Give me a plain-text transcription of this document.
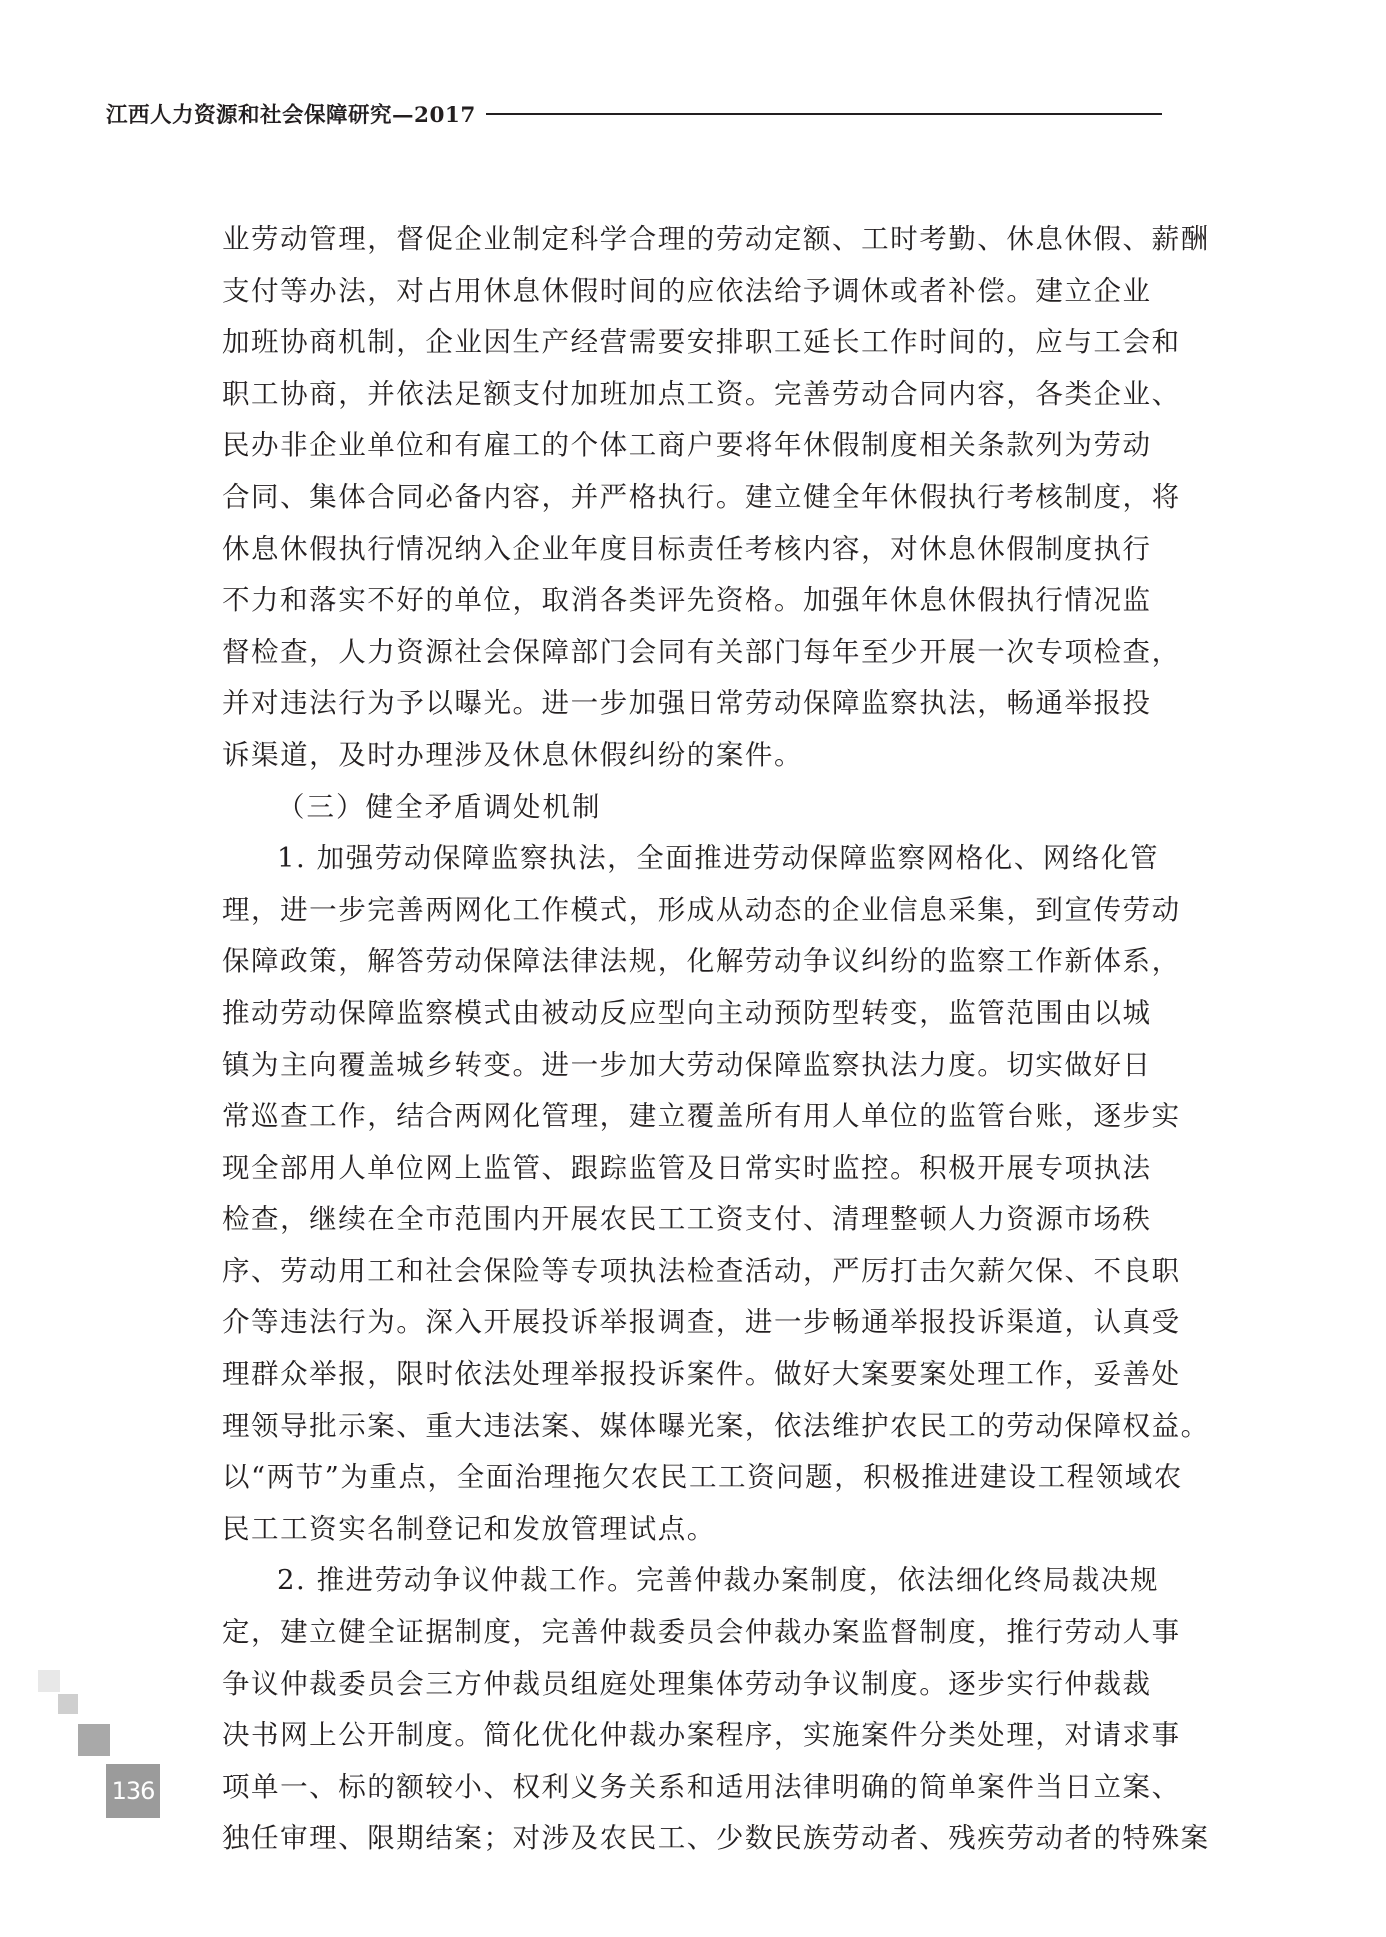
江西人力资源和社会保障研究—2017
业劳动管理，督促企业制定科学合理的劳动定额、工时考勤、休息休假、薪酬
支付等办法，对占用休息休假时间的应依法给予调休或者补偿。建立企业
加班协商机制，企业因生产经营需要安排职工延长工作时间的，应与工会和
职工协商，并依法足额支付加班加点工资。完善劳动合同内容，各类企业、
民办非企业单位和有雇工的个体工商户要将年休假制度相关条款列为劳动
合同、集体合同必备内容，并严格执行。建立健全年休假执行考核制度，将
休息休假执行情况纳入企业年度目标责任考核内容，对休息休假制度执行
不力和落实不好的单位，取消各类评先资格。加强年休息休假执行情况监
督检查，人力资源社会保障部门会同有关部门每年至少开展一次专项检查，
并对违法行为予以曝光。进一步加强日常劳动保障监察执法，畅通举报投
诉渠道，及时办理涉及休息休假纠纷的案件。
（三）健全矛盾调处机制
1. 加强劳动保障监察执法，全面推进劳动保障监察网格化、网络化管
理，进一步完善两网化工作模式，形成从动态的企业信息采集，到宣传劳动
保障政策，解答劳动保障法律法规，化解劳动争议纠纷的监察工作新体系，
推动劳动保障监察模式由被动反应型向主动预防型转变，监管范围由以城
镇为主向覆盖城乡转变。进一步加大劳动保障监察执法力度。切实做好日
常巡查工作，结合两网化管理，建立覆盖所有用人单位的监管台账，逐步实
现全部用人单位网上监管、跟踪监管及日常实时监控。积极开展专项执法
检查，继续在全市范围内开展农民工工资支付、清理整顿人力资源市场秩
序、劳动用工和社会保险等专项执法检查活动，严厉打击欠薪欠保、不良职
介等违法行为。深入开展投诉举报调查，进一步畅通举报投诉渠道，认真受
理群众举报，限时依法处理举报投诉案件。做好大案要案处理工作，妥善处
理领导批示案、重大违法案、媒体曝光案，依法维护农民工的劳动保障权益。
以“两节”为重点，全面治理拖欠农民工工资问题，积极推进建设工程领域农
民工工资实名制登记和发放管理试点。
2. 推进劳动争议仲裁工作。完善仲裁办案制度，依法细化终局裁决规
定，建立健全证据制度，完善仲裁委员会仲裁办案监督制度，推行劳动人事
争议仲裁委员会三方仲裁员组庭处理集体劳动争议制度。逐步实行仲裁裁
决书网上公开制度。简化优化仲裁办案程序，实施案件分类处理，对请求事
项单一、标的额较小、权利义务关系和适用法律明确的简单案件当日立案、
独任审理、限期结案；对涉及农民工、少数民族劳动者、残疾劳动者的特殊案
136
